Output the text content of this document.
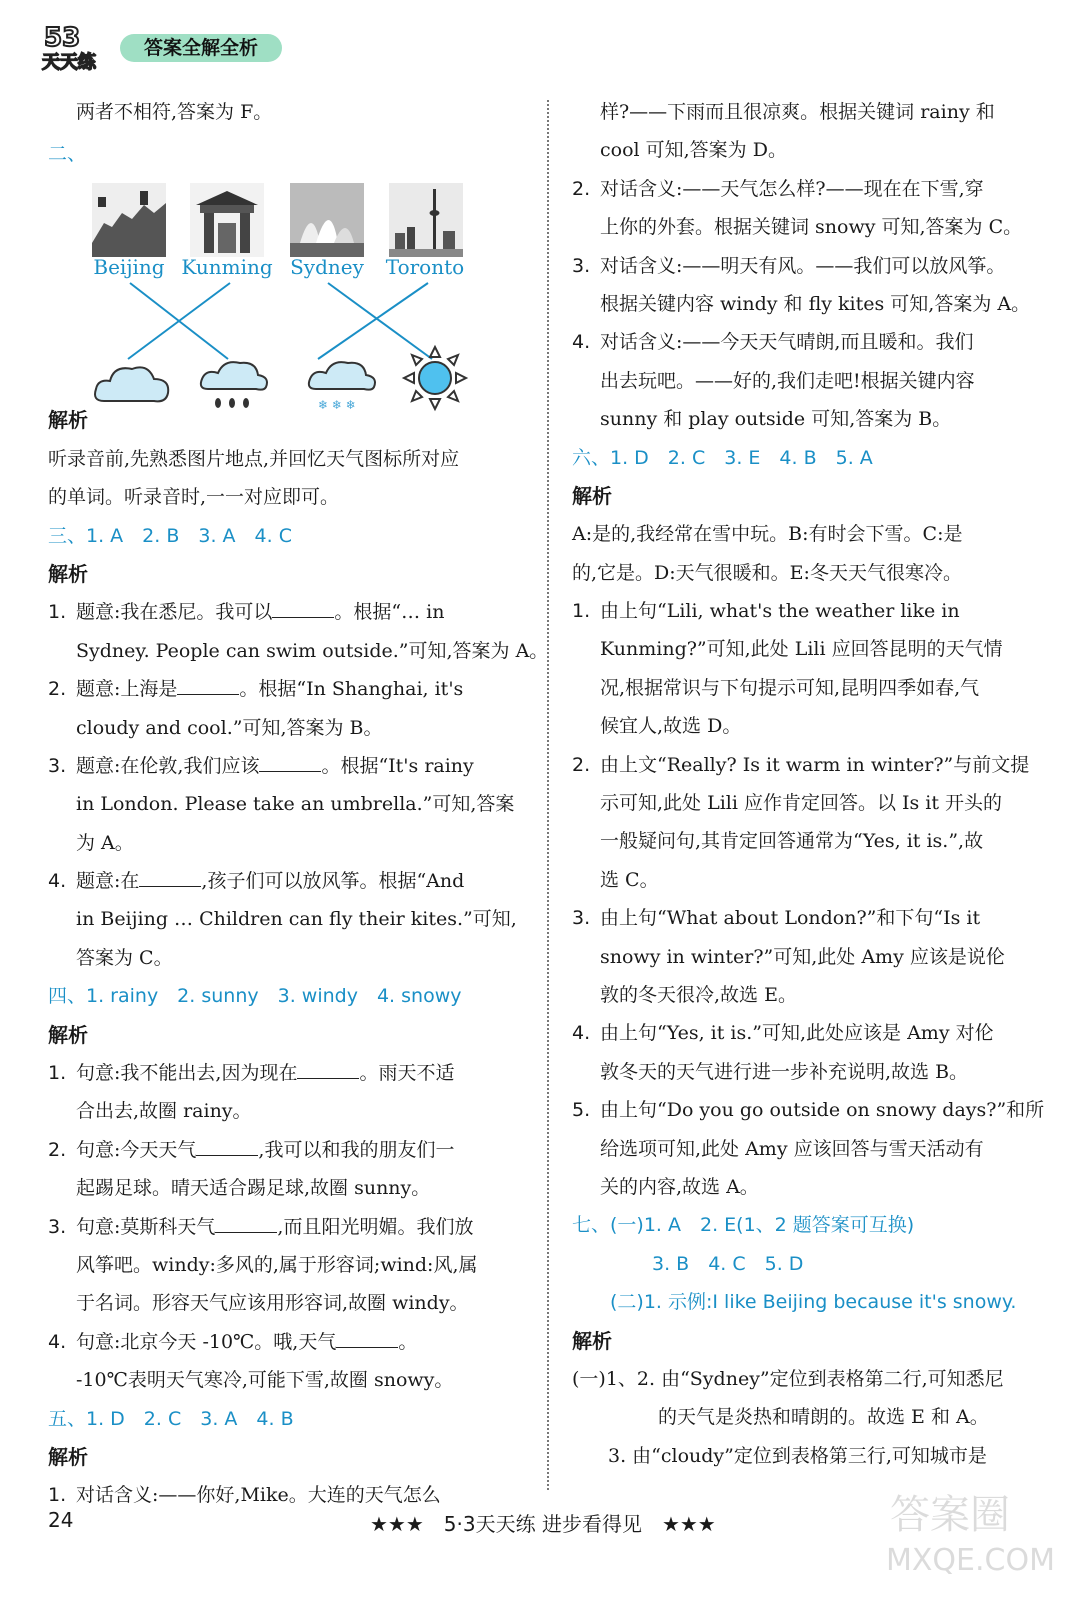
53
天天练
答案全解全析
两者不相符,答案为 F。
二、
Beijing Kunming Sydney	Toronto
❄ ❄ ❄
解析
听录音前,先熟悉图片地点,并回忆天气图标所对应
的单词。听录音时,一一对应即可。
三、1. A　2. B　3. A　4. C
解析
1. 题意:我在悉尼。我可以	。根据“… in
Sydney. People can swim outside.”可知,答案为 A。
2. 题意:上海是	。根据“In Shanghai, it's
cloudy and cool.”可知,答案为 B。
3. 题意:在伦敦,我们应该	。根据“It's rainy
in London. Please take an umbrella.”可知,答案
为 A。
4. 题意:在	,孩子们可以放风筝。根据“And
in Beijing … Children can fly their kites.”可知,
答案为 C。
四、1. rainy　2. sunny　3. windy　4. snowy
解析
1. 句意:我不能出去,因为现在	。雨天不适
合出去,故圈 rainy。
2. 句意:今天天气	,我可以和我的朋友们一
起踢足球。晴天适合踢足球,故圈 sunny。
3. 句意:莫斯科天气	,而且阳光明媚。我们放
风筝吧。windy:多风的,属于形容词;wind:风,属
于名词。形容天气应该用形容词,故圈 windy。
4. 句意:北京今天 -10℃。哦,天气	。
-10℃表明天气寒冷,可能下雪,故圈 snowy。
五、1. D　2. C　3. A　4. B
解析
1. 对话含义:——你好,Mike。大连的天气怎么
样?——下雨而且很凉爽。根据关键词 rainy 和
cool 可知,答案为 D。
2. 对话含义:——天气怎么样?——现在在下雪,穿
上你的外套。根据关键词 snowy 可知,答案为 C。
3. 对话含义:——明天有风。——我们可以放风筝。
根据关键内容 windy 和 fly kites 可知,答案为 A。
4. 对话含义:——今天天气晴朗,而且暖和。我们
出去玩吧。——好的,我们走吧!根据关键内容
sunny 和 play outside 可知,答案为 B。
六、1. D　2. C　3. E　4. B　5. A
解析
A:是的,我经常在雪中玩。B:有时会下雪。C:是
的,它是。D:天气很暖和。E:冬天天气很寒冷。
1. 由上句“Lili, what's the weather like in
Kunming?”可知,此处 Lili 应回答昆明的天气情
况,根据常识与下句提示可知,昆明四季如春,气
候宜人,故选 D。
2. 由上文“Really? Is it warm in winter?”与前文提
示可知,此处 Lili 应作肯定回答。以 Is it 开头的
一般疑问句,其肯定回答通常为“Yes, it is.”,故
选 C。
3. 由上句“What about London?”和下句“Is it
snowy in winter?”可知,此处 Amy 应该是说伦
敦的冬天很冷,故选 E。
4. 由上句“Yes, it is.”可知,此处应该是 Amy 对伦
敦冬天的天气进行进一步补充说明,故选 B。
5. 由上句“Do you go outside on snowy days?”和所
给选项可知,此处 Amy 应该回答与雪天活动有
关的内容,故选 A。
七、(一)1. A　2. E(1、2 题答案可互换)
3. B　4. C　5. D
(二)1. 示例:I like Beijing because it's snowy.
解析
(一)1、2. 由“Sydney”定位到表格第二行,可知悉尼
的天气是炎热和晴朗的。故选 E 和 A。
3. 由“cloudy”定位到表格第三行,可知城市是
24	★★★　5·3天天练 进步看得见　★★★	答案圈
MXQE.COM
